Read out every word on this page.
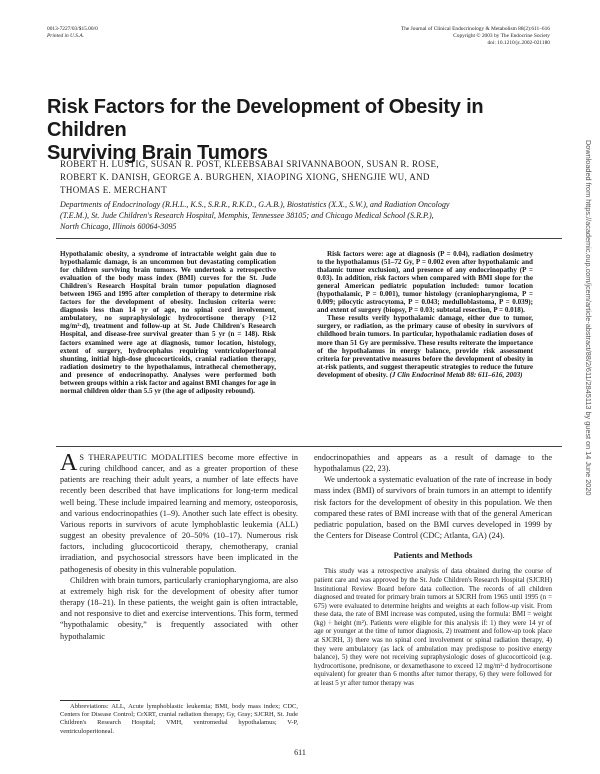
0013-7227/03/$15.00/0
Printed in U.S.A.
The Journal of Clinical Endocrinology & Metabolism 88(2):611–616
Copyright © 2003 by The Endocrine Society
doi: 10.1210/jc.2002-021180
Risk Factors for the Development of Obesity in Children
Surviving Brain Tumors
ROBERT H. LUSTIG, SUSAN R. POST, KLEEBSABAI SRIVANNABOON, SUSAN R. ROSE,
ROBERT K. DANISH, GEORGE A. BURGHEN, XIAOPING XIONG, SHENGJIE WU, AND
THOMAS E. MERCHANT
Departments of Endocrinology (R.H.L., K.S., S.R.R., R.K.D., G.A.B.), Biostatistics (X.X., S.W.), and Radiation Oncology
(T.E.M.), St. Jude Children's Research Hospital, Memphis, Tennessee 38105; and Chicago Medical School (S.R.P.),
North Chicago, Illinois 60064-3095

Hypothalamic obesity, a syndrome of intractable weight gain due to hypothalamic damage, is an uncommon but devastating complication for children surviving brain tumors. We undertook a retrospective evaluation of the body mass index (BMI) curves for the St. Jude Children's Research Hospital brain tumor population diagnosed between 1965 and 1995 after completion of therapy to determine risk factors for the development of obesity. Inclusion criteria were: diagnosis less than 14 yr of age, no spinal cord involvement, ambulatory, no supraphysiologic hydrocortisone therapy (>12 mg/m²·d), treatment and follow-up at St. Jude Children's Research Hospital, and disease-free survival greater than 5 yr (n = 148). Risk factors examined were age at diagnosis, tumor location, histology, extent of surgery, hydrocephalus requiring ventriculoperitoneal shunting, initial high-dose glucocorticoids, cranial radiation therapy, radiation dosimetry to the hypothalamus, intrathecal chemotherapy, and presence of endocrinopathy. Analyses were performed both between groups within a risk factor and against BMI changes for age in normal children older than 5.5 yr (the age of adiposity rebound).

Risk factors were: age at diagnosis (P = 0.04), radiation dosimetry to the hypothalamus (51–72 Gy, P = 0.002 even after hypothalamic and thalamic tumor exclusion), and presence of any endocrinopathy (P = 0.03). In addition, risk factors when compared with BMI slope for the general American pediatric population included: tumor location (hypothalamic, P = 0.001), tumor histology (craniopharyngioma, P = 0.009; pilocytic astrocytoma, P = 0.043; medulloblastoma, P = 0.039); and extent of surgery (biopsy, P = 0.03; subtotal resection, P = 0.018).

These results verify hypothalamic damage, either due to tumor, surgery, or radiation, as the primary cause of obesity in survivors of childhood brain tumors. In particular, hypothalamic radiation doses of more than 51 Gy are permissive. These results reiterate the importance of the hypothalamus in energy balance, provide risk assessment criteria for preventative measures before the development of obesity in at-risk patients, and suggest therapeutic strategies to reduce the future development of obesity. (J Clin Endocrinol Metab 88: 611–616, 2003)

A S THERAPEUTIC MODALITIES become more effective in curing childhood cancer, and as a greater proportion of these patients are reaching their adult years, a number of late effects have recently been described that have implications for long-term medical well being. These include impaired learning and memory, osteoporosis, and various endocrinopathies (1–9). Another such late effect is obesity. Various reports in survivors of acute lymphoblastic leukemia (ALL) suggest an obesity prevalence of 20–50% (10–17). Numerous risk factors, including glucocorticoid therapy, chemotherapy, cranial irradiation, and psychosocial stressors have been implicated in the pathogenesis of obesity in this vulnerable population.

Children with brain tumors, particularly craniopharyngioma, are also at extremely high risk for the development of obesity after tumor therapy (18–21). In these patients, the weight gain is often intractable, and not responsive to diet and exercise interventions. This form, termed “hypothalamic obesity,” is frequently associated with other hypothalamic

endocrinopathies and appears as a result of damage to the hypothalamus (22, 23).

We undertook a systematic evaluation of the rate of increase in body mass index (BMI) of survivors of brain tumors in an attempt to identify risk factors for the development of obesity in this population. We then compared these rates of BMI increase with that of the general American pediatric population, based on the BMI curves developed in 1999 by the Centers for Disease Control (CDC; Atlanta, GA) (24).

Patients and Methods

This study was a retrospective analysis of data obtained during the course of patient care and was approved by the St. Jude Children's Research Hospital (SJCRH) Institutional Review Board before data collection. The records of all children diagnosed and treated for primary brain tumors at SJCRH from 1965 until 1995 (n = 675) were evaluated to determine heights and weights at each follow-up visit. From these data, the rate of BMI increase was computed, using the formula: BMI = weight (kg) ÷ height (m²). Patients were eligible for this analysis if: 1) they were 14 yr of age or younger at the time of tumor diagnosis, 2) treatment and follow-up took place at SJCRH, 3) there was no spinal cord involvement or spinal radiation therapy, 4) they were ambulatory (as lack of ambulation may predispose to positive energy balance), 5) they were not receiving supraphysiologic doses of glucocorticoid (e.g. hydrocortisone, prednisone, or dexamethasone to exceed 12 mg/m²·d hydrocortisone equivalent) for greater than 6 months after tumor therapy, 6) they were followed for at least 5 yr after tumor therapy was

Abbreviations: ALL, Acute lymphoblastic leukemia; BMI, body mass index; CDC, Centers for Disease Control; CrXRT, cranial radiation therapy; Gy, Gray; SJCRH, St. Jude Children's Research Hospital; VMH, ventromedial hypothalamus; V-P, ventriculoperitoneal.
611
Downloaded from https://academic.oup.com/jcem/article-abstract/88/2/611/2845113 by guest on 14 June 2020
